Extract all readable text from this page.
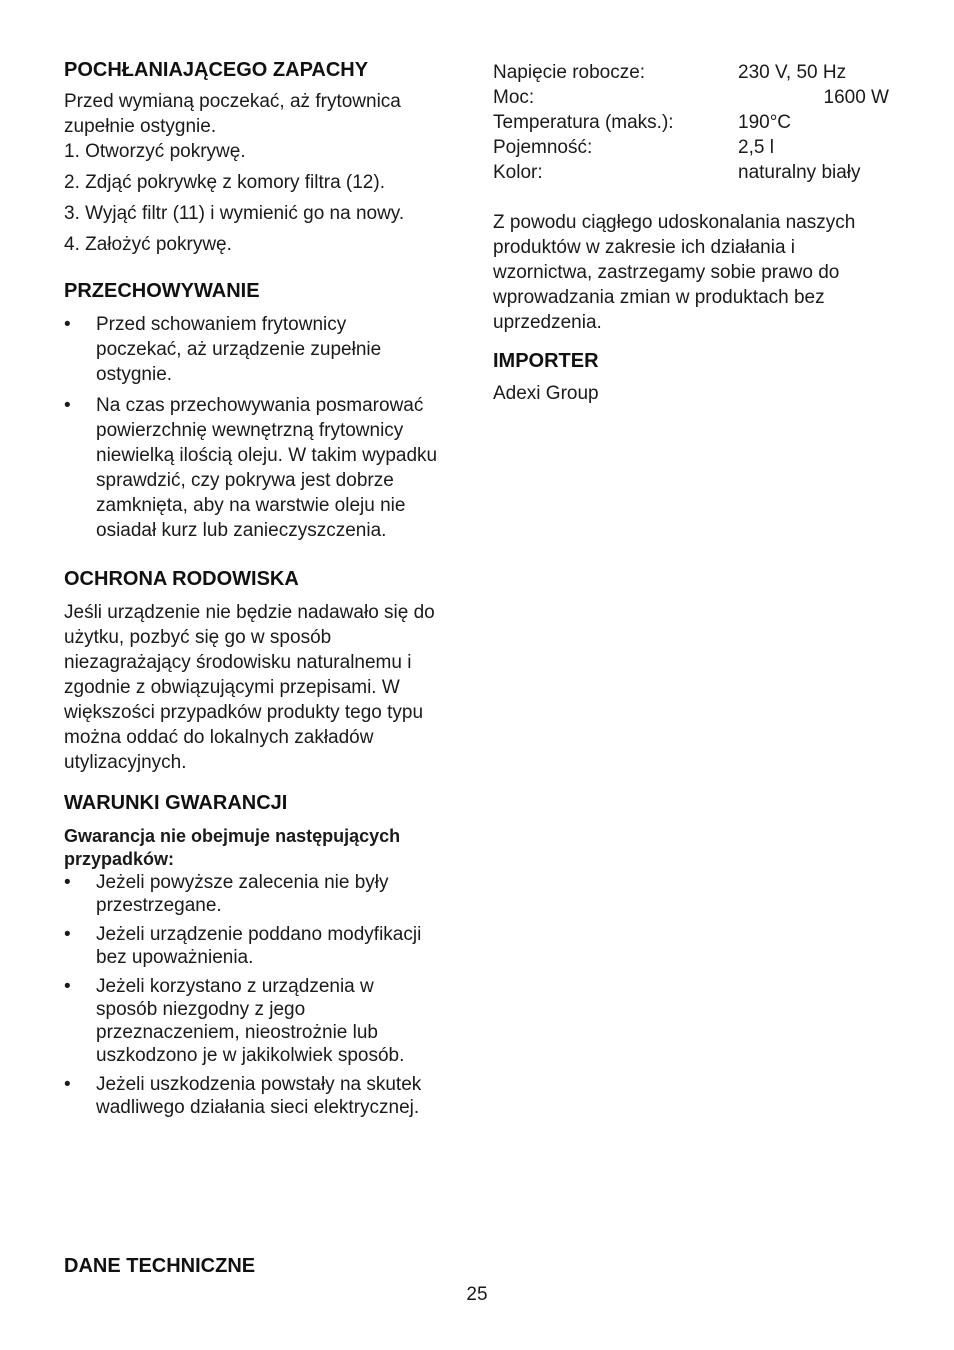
POCHŁANIAJĄCEGO ZAPACHY

Przed wymianą poczekać, aż frytownica zupełnie ostygnie.

1. Otworzyć pokrywę.
2. Zdjąć pokrywkę z komory filtra (12).
3. Wyjąć filtr (11) i wymienić go na nowy.
4. Założyć pokrywę.
PRZECHOWYWANIE
• Przed schowaniem frytownicy poczekać, aż urządzenie zupełnie ostygnie.
• Na czas przechowywania posmarować powierzchnię wewnętrzną frytownicy niewielką ilością oleju. W takim wypadku sprawdzić, czy pokrywa jest dobrze zamknięta, aby na warstwie oleju nie osiadał kurz lub zanieczyszczenia.
OCHRONA RODOWISKA

Jeśli urządzenie nie będzie nadawało się do użytku, pozbyć się go w sposób niezagrażający środowisku naturalnemu i zgodnie z obwiązującymi przepisami. W większości przypadków produkty tego typu można oddać do lokalnych zakładów utylizacyjnych.

WARUNKI GWARANCJI
Gwarancja nie obejmuje następujących przypadków:
• Jeżeli powyższe zalecenia nie były przestrzegane.
• Jeżeli urządzenie poddano modyfikacji bez upoważnienia.
• Jeżeli korzystano z urządzenia w sposób niezgodny z jego przeznaczeniem, nieostrożnie lub uszkodzono je w jakikolwiek sposób.
• Jeżeli uszkodzenia powstały na skutek wadliwego działania sieci elektrycznej.
DANE TECHNICZNE
Napięcie robocze:	230 V, 50 Hz
Moc:	1600 W
Temperatura (maks.):	190°C
Pojemność:	2,5 l
Kolor:	naturalny biały

Z powodu ciągłego udoskonalania naszych produktów w zakresie ich działania i wzornictwa, zastrzegamy sobie prawo do wprowadzania zmian w produktach bez uprzedzenia.

IMPORTER

Adexi Group

25
